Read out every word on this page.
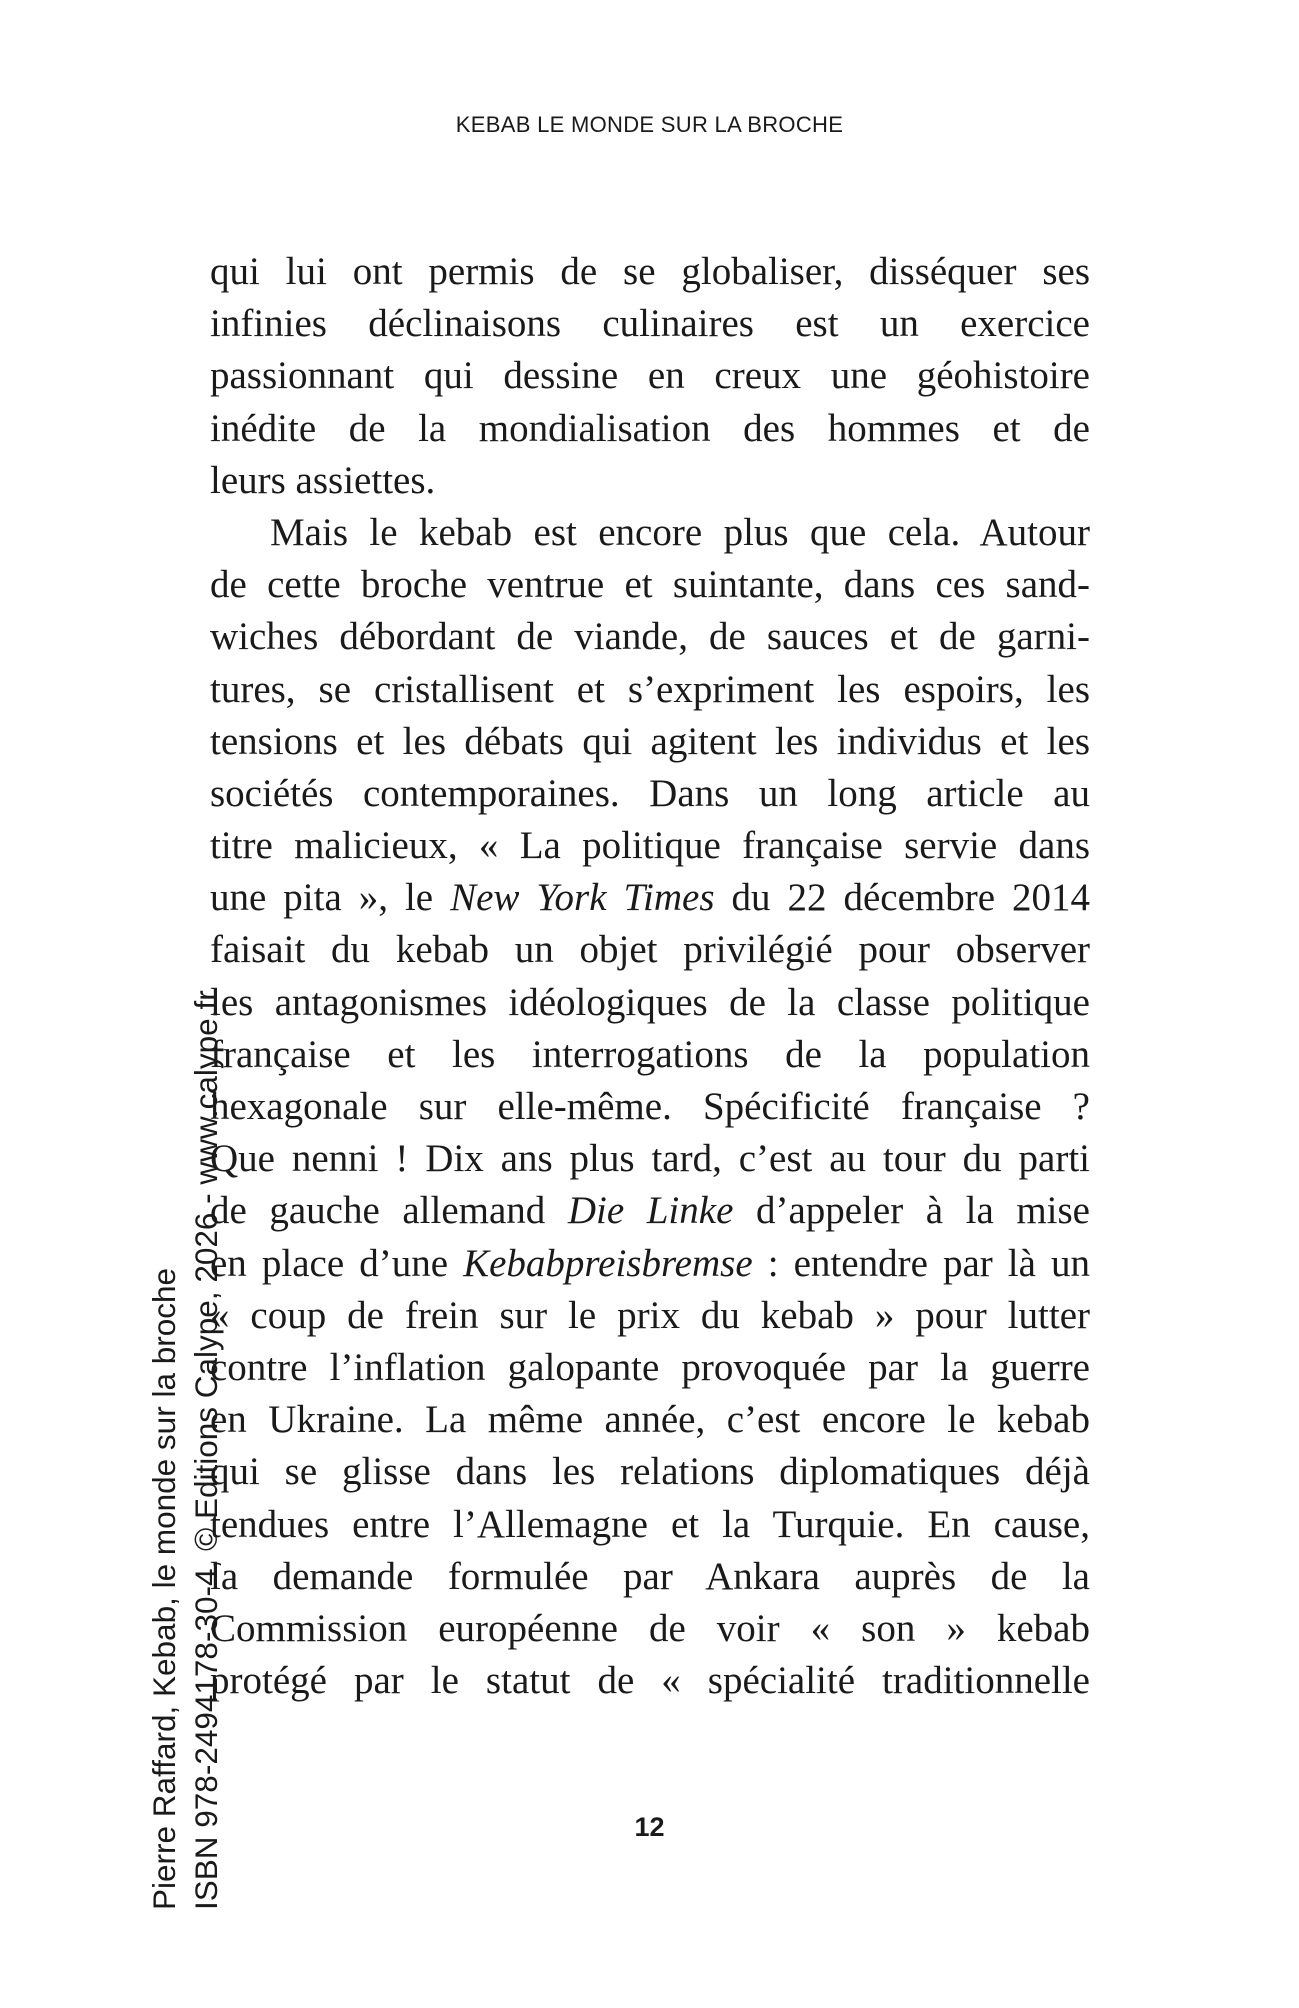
KEBAB LE MONDE SUR LA BROCHE
qui lui ont permis de se globaliser, disséquer ses
infinies déclinaisons culinaires est un exercice
passionnant qui dessine en creux une géohistoire
inédite de la mondialisation des hommes et de
leurs assiettes.
Mais le kebab est encore plus que cela. Autour
de cette broche ventrue et suintante, dans ces sand-
wiches débordant de viande, de sauces et de garni-
tures, se cristallisent et s’expriment les espoirs, les
tensions et les débats qui agitent les individus et les
sociétés contemporaines. Dans un long article au
titre malicieux, « La politique française servie dans
une pita », le New York Times du 22 décembre 2014
faisait du kebab un objet privilégié pour observer
les antagonismes idéologiques de la classe politique
française et les interrogations de la population
hexagonale sur elle-même. Spécificité française ?
Que nenni ! Dix ans plus tard, c’est au tour du parti
de gauche allemand Die Linke d’appeler à la mise
en place d’une Kebabpreisbremse : entendre par là un
« coup de frein sur le prix du kebab » pour lutter
contre l’inflation galopante provoquée par la guerre
en Ukraine. La même année, c’est encore le kebab
qui se glisse dans les relations diplomatiques déjà
tendues entre l’Allemagne et la Turquie. En cause,
la demande formulée par Ankara auprès de la
Commission européenne de voir « son » kebab
protégé par le statut de « spécialité traditionnelle
12
Pierre Raffard, Kebab, le monde sur la broche ISBN 978-2494178-30-4, © Editions Calype, 2026 - www.calype.fr
